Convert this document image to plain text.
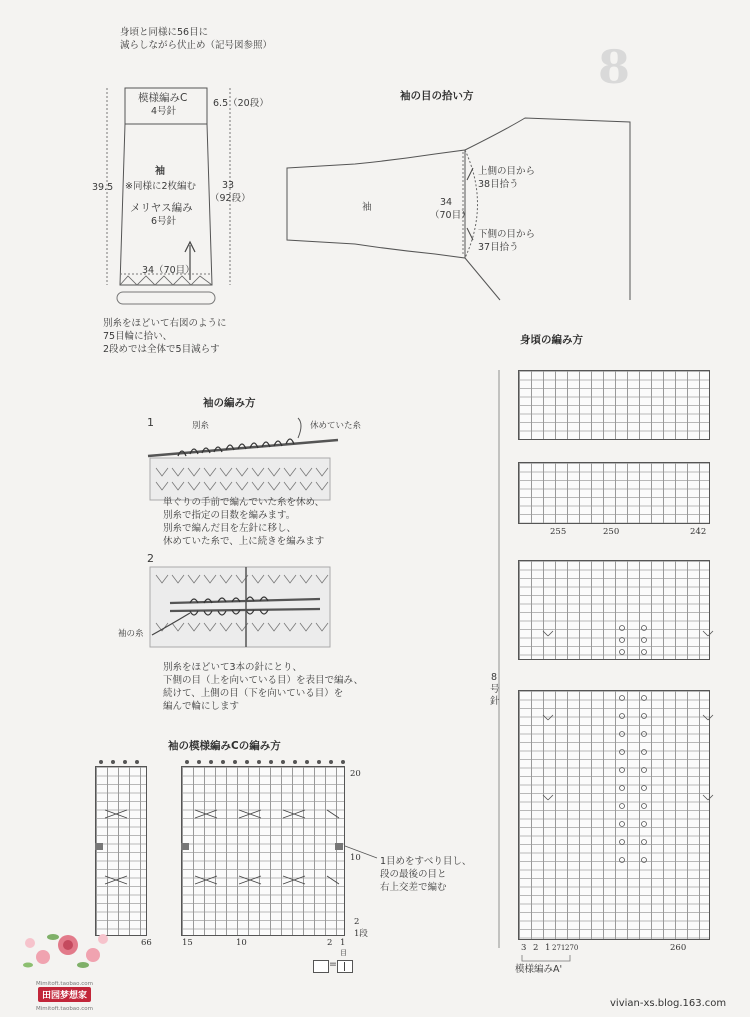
8
身頃と同様に56目に
減らしながら伏止め（記号図参照）
模様編みC
4号針
6.5（20段）
袖
※同様に2枚編む
メリヤス編み
6号針
39.5	33
（92段）
34（70目）
別糸をほどいて右図のように
75目輪に拾い、
2段めでは全体で5目減らす
袖の目の拾い方
袖	34
（70目）
上側の目から
38目拾う
下側の目から
37目拾う
袖の編み方
1	別糸	休めていた糸
単ぐりの手前で編んでいた糸を休め、
別糸で指定の目数を編みます。
別糸で編んだ目を左針に移し、
休めていた糸で、上に続きを編みます
2
袖の糸
別糸をほどいて3本の針にとり、
下側の目（上を向いている目）を表目で編み、
続けて、上側の目（下を向いている目）を
編んで輪にします
袖の模様編みCの編み方
20
10
2
1段
66	15	10	2 1
目
1目めをすべり目し、
段の最後の目と
右上交差で編む
=
身頃の編み方
255	250	242
8
号
針
3 2 1 271 270	260
模様編みA'
Mimitoft.taobao.com
田园梦想家
Mimitoft.taobao.com	vivian-xs.blog.163.com
